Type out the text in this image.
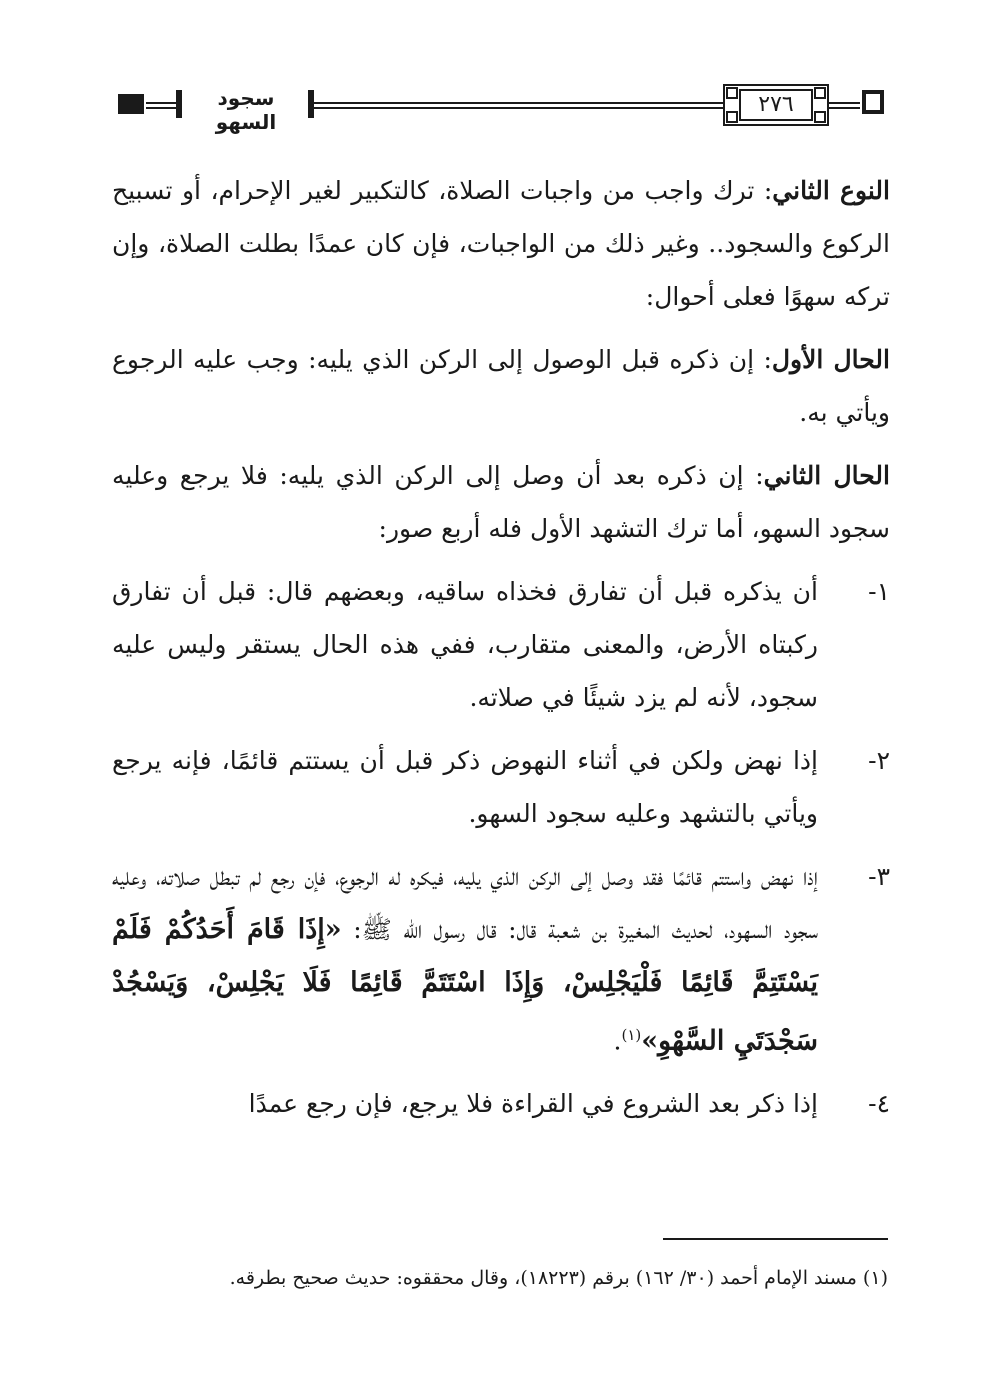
سجود السهو
٢٧٦

النوع الثاني: ترك واجب من واجبات الصلاة، كالتكبير لغير الإحرام، أو تسبيح الركوع والسجود.. وغير ذلك من الواجبات، فإن كان عمدًا بطلت الصلاة، وإن تركه سهوًا فعلى أحوال:

الحال الأول: إن ذكره قبل الوصول إلى الركن الذي يليه: وجب عليه الرجوع ويأتي به.

الحال الثاني: إن ذكره بعد أن وصل إلى الركن الذي يليه: فلا يرجع وعليه سجود السهو، أما ترك التشهد الأول فله أربع صور:

١-
أن يذكره قبل أن تفارق فخذاه ساقيه، وبعضهم قال: قبل أن تفارق ركبتاه الأرض، والمعنى متقارب، ففي هذه الحال يستقر وليس عليه سجود، لأنه لم يزد شيئًا في صلاته.
٢-
إذا نهض ولكن في أثناء النهوض ذكر قبل أن يستتم قائمًا، فإنه يرجع ويأتي بالتشهد وعليه سجود السهو.
٣-
إذا نهض واستتم قائمًا فقد وصل إلى الركن الذي يليه، فيكره له الرجوع، فإن رجع لم تبطل صلاته، وعليه سجود السهود، لحديث المغيرة بن شعبة قال: قال رسول الله ﷺ: «إِذَا قَامَ أَحَدُكُمْ فَلَمْ يَسْتَتِمَّ قَائِمًا فَلْيَجْلِسْ، وَإِذَا اسْتَتَمَّ قَائِمًا فَلَا يَجْلِسْ، وَيَسْجُدْ سَجْدَتَيِ السَّهْوِ»$^{(١)}$.
٤-
إذا ذكر بعد الشروع في القراءة فلا يرجع، فإن رجع عمدًا
(١) مسند الإمام أحمد (٣٠/ ١٦٢) برقم (١٨٢٢٣)، وقال محققوه: حديث صحيح بطرقه.
